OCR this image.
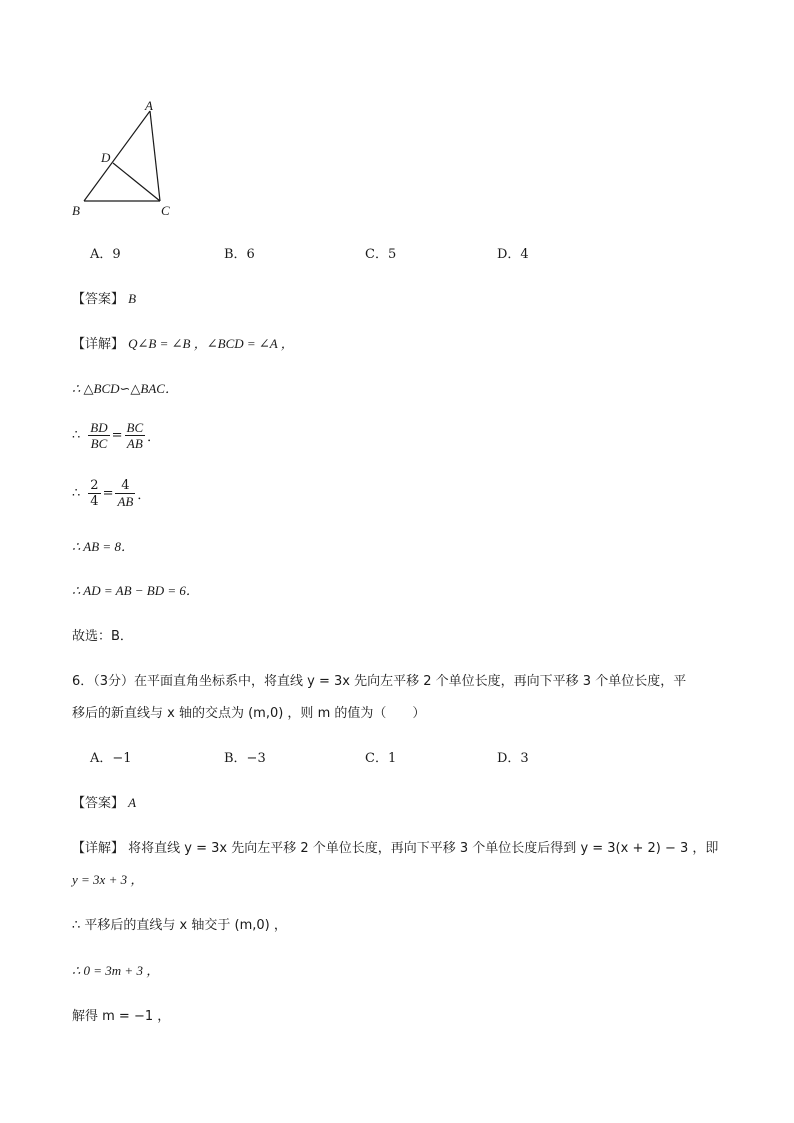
A
D
B	C
A．9	B．6	C．5	D．4
【答案】 B
【详解】 Q∠B = ∠B ，∠BCD = ∠A ，
∴ △BCD∽△BAC．
∴ $\frac{BD}{BC} = \frac{BC}{AB}$ ．
∴ $\frac{2}{4} = \frac{4}{AB}$ ．
∴ AB = 8．
∴ AD = AB − BD = 6．
故选：B．
6．（3分）在平面直角坐标系中，将直线 y = 3x 先向左平移 2 个单位长度，再向下平移 3 个单位长度，平
移后的新直线与 x 轴的交点为 (m,0) ，则 m 的值为（　　）
A．−1	B．−3	C．1	D．3
【答案】 A
【详解】 将将直线 y = 3x 先向左平移 2 个单位长度，再向下平移 3 个单位长度后得到 y = 3(x + 2) − 3 ，即
y = 3x + 3 ，
∴ 平移后的直线与 x 轴交于 (m,0) ，
∴ 0 = 3m + 3 ，
解得 m = −1 ，
